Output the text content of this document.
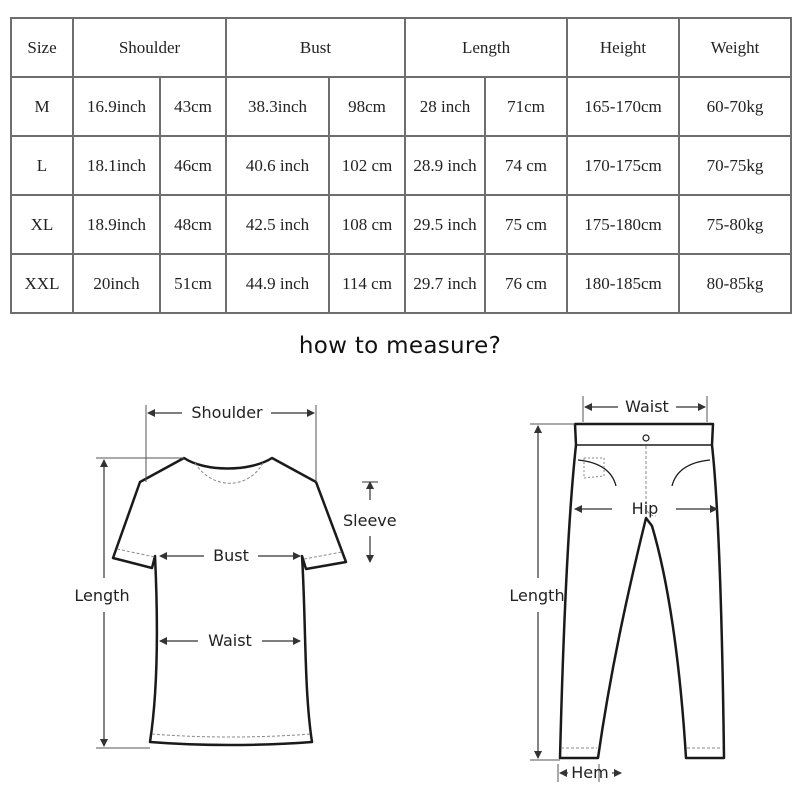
Size	Shoulder		Bust		Length		Height	Weight
M	16.9inch	43cm	38.3inch	98cm	28 inch	71cm	165-170cm	60-70kg
L	18.1inch	46cm	40.6 inch	102 cm	28.9 inch	74 cm	170-175cm	70-75kg
XL	18.9inch	48cm	42.5 inch	108 cm	29.5 inch	75 cm	175-180cm	75-80kg
XXL	20inch	51cm	44.9 inch	114 cm	29.7 inch	76 cm	180-185cm	80-85kg
how to measure?
Shoulder
Sleeve
Bust
Waist
Length
Waist
Hip
Length
Hem
